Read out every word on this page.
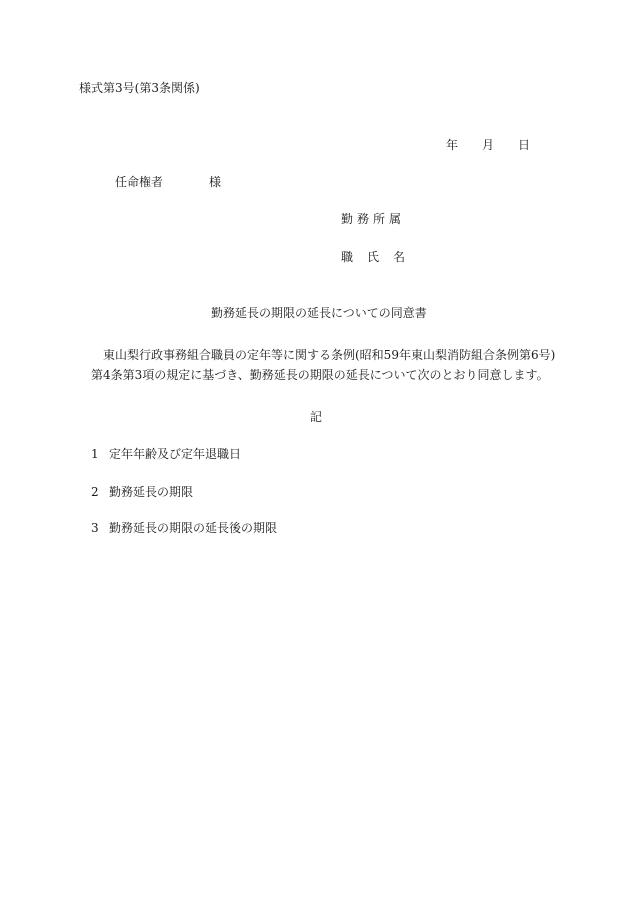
様式第3号(第3条関係)
年 月 日
任命権者	様
勤務所属
職 氏 名
勤務延長の期限の延長についての同意書
東山梨行政事務組合職員の定年等に関する条例(昭和59年東山梨消防組合条例第6号)
第4条第3項の規定に基づき、勤務延長の期限の延長について次のとおり同意します。
記
1 定年年齢及び定年退職日
2 勤務延長の期限
3 勤務延長の期限の延長後の期限
